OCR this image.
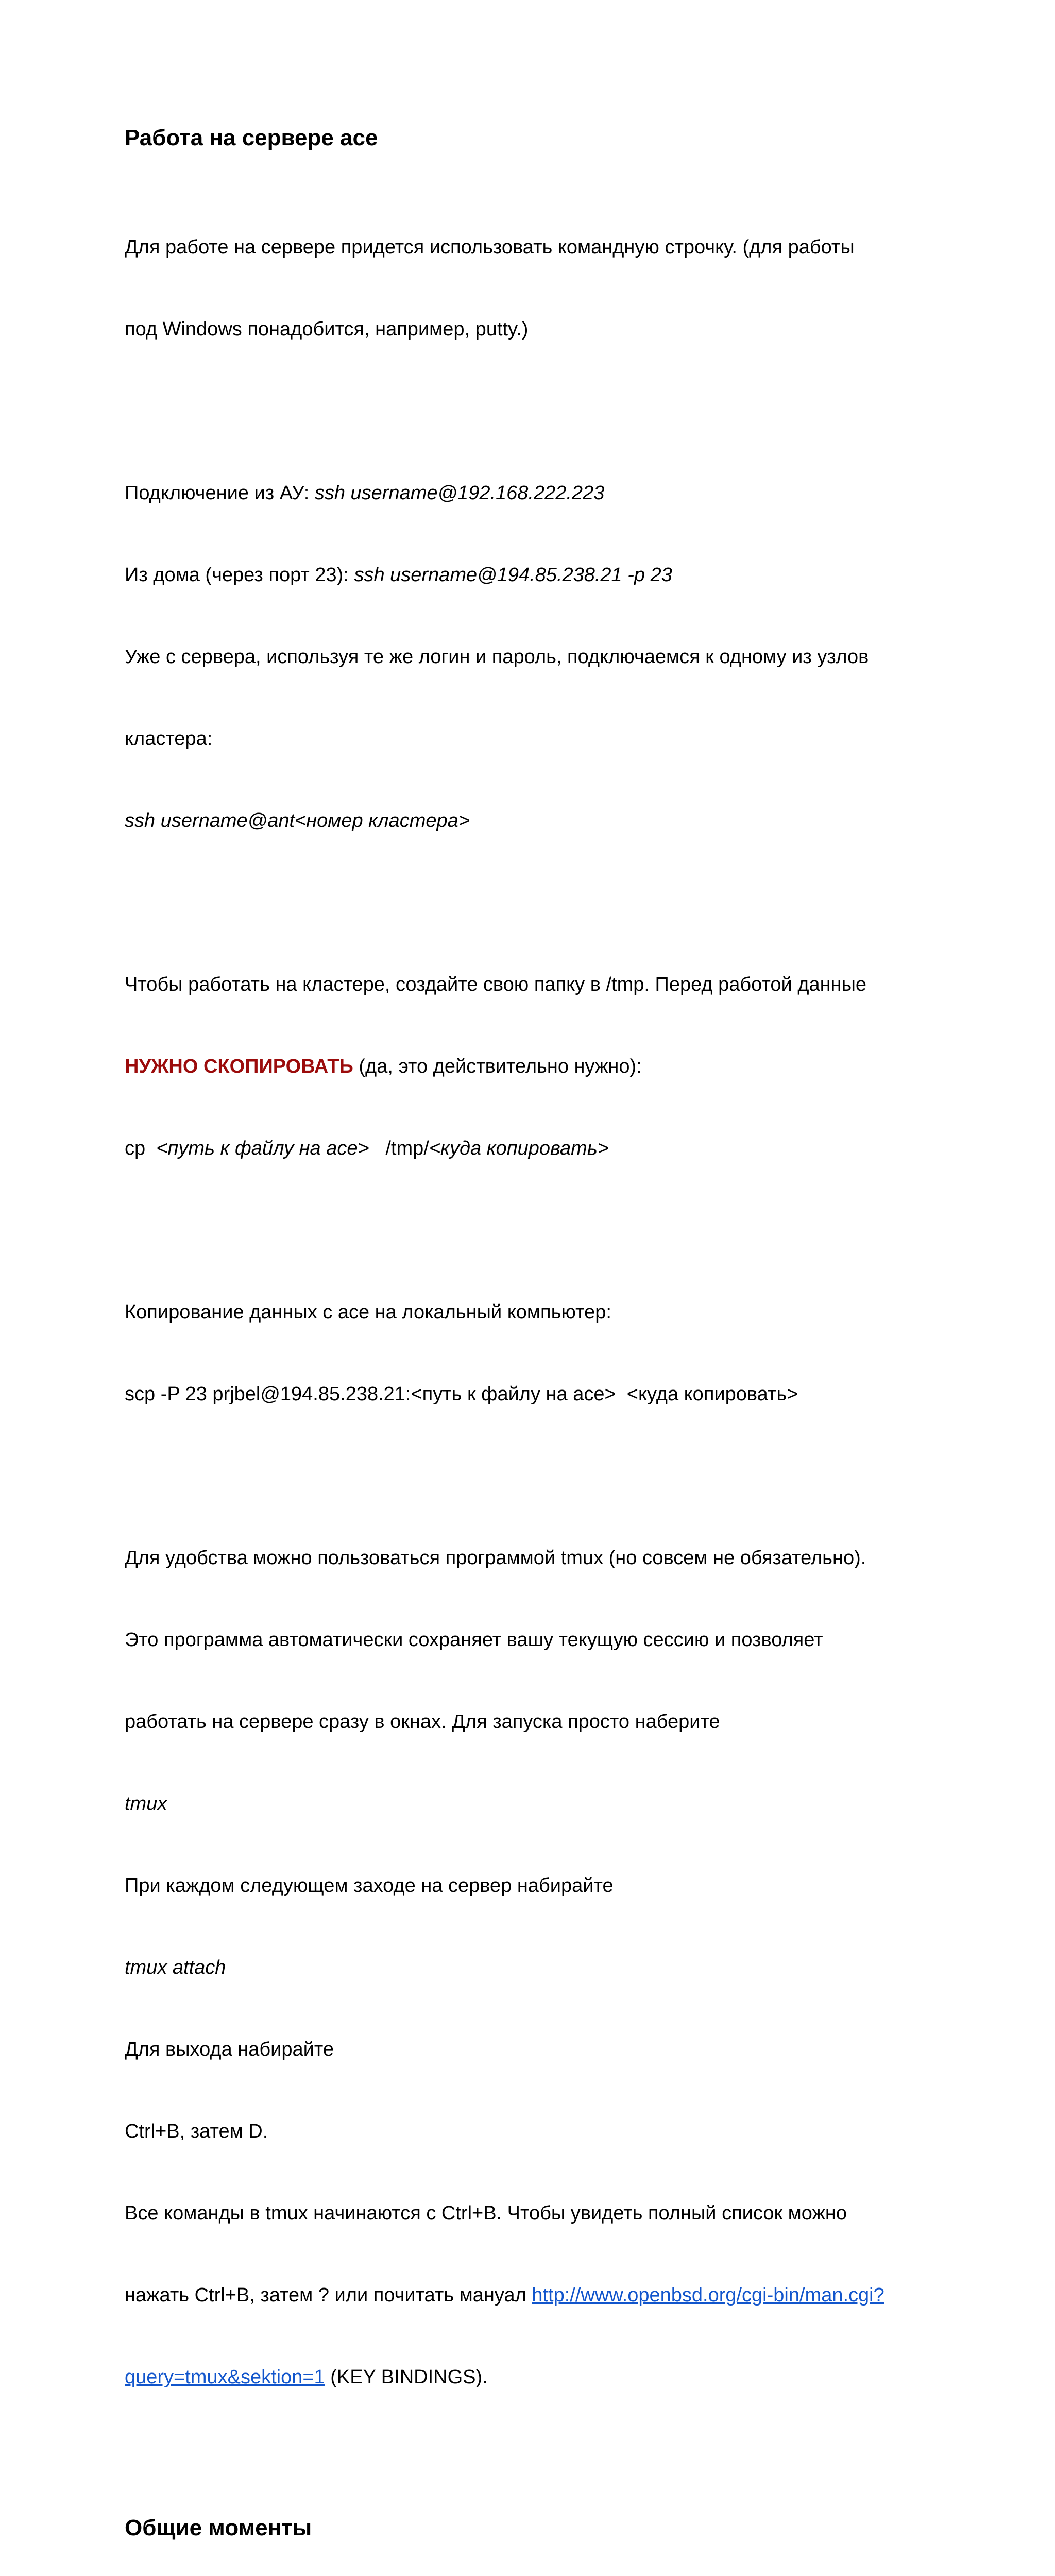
Работа на сервере ace

Для работе на сервере придется использовать командную строчку. (для работы

под Windows понадобится, например, putty.)

Подключение из АУ: ssh username@192.168.222.223

Из дома (через порт 23): ssh username@194.85.238.21 -p 23

Уже с сервера, используя те же логин и пароль, подключаемся к одному из узлов

кластера:

ssh username@ant<номер кластера>

Чтобы работать на кластере, создайте свою папку в /tmp. Перед работой данные

НУЖНО СКОПИРОВАТЬ (да, это действительно нужно):

cp  <путь к файлу на ace>   /tmp/<куда копировать>

Копирование данных с ace на локальный компьютер:

scp -P 23 prjbel@194.85.238.21:<путь к файлу на ace>  <куда копировать>

Для удобства можно пользоваться программой tmux (но совсем не обязательно).

Это программа автоматически сохраняет вашу текущую сессию и позволяет

работать на сервере сразу в окнах. Для запуска просто наберите

tmux

При каждом следующем заходе на сервер набирайте

tmux attach

Для выхода набирайте

Ctrl+B, затем D.

Все команды в tmux начинаются с Ctrl+B. Чтобы увидеть полный список можно

нажать Ctrl+B, затем ? или почитать мануал http://www.openbsd.org/cgi-bin/man.cgi?

query=tmux&sektion=1 (KEY BINDINGS).

Общие моменты
